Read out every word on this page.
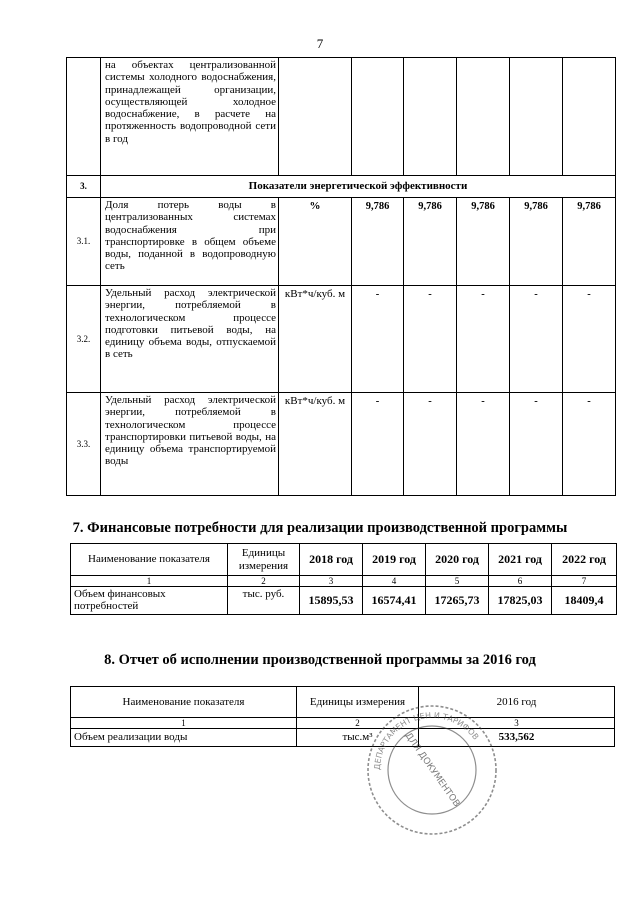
7
	на объектах централизованной системы холодного водоснабжения, принадлежащей организации, осуществляющей холодное водоснабжение, в расчете на протяженность водопроводной сети в год						
3.	Показатели энергетической эффективности						
3.1.	Доля потерь воды в централизованных системах водоснабжения при транспортировке в общем объеме воды, поданной в водопроводную сеть	%	9,786	9,786	9,786	9,786	9,786
3.2.	Удельный расход электрической энергии, потребляемой в технологическом процессе подготовки питьевой воды, на единицу объема воды, отпускаемой в сеть	кВт*ч/куб. м	-	-	-	-	-
3.3.	Удельный расход электрической энергии, потребляемой в технологическом процессе транспортировки питьевой воды, на единицу объема транспортируемой воды	кВт*ч/куб. м	-	-	-	-	-
7. Финансовые потребности для реализации производственной программы
Наименование показателя	Единицы измерения	2018 год	2019 год	2020 год	2021 год	2022 год
1	2	3	4	5	6	7
Объем финансовых потребностей	тыс. руб.	15895,53	16574,41	17265,73	17825,03	18409,4
8. Отчет об исполнении производственной программы за 2016 год
Наименование показателя	Единицы измерения	2016 год
1	2	3
Объем реализации воды	тыс.м³	533,562
ДЕПАРТАМЕНТ ЦЕН И ТАРИФОВ
ДЛЯ ДОКУМЕНТОВ
